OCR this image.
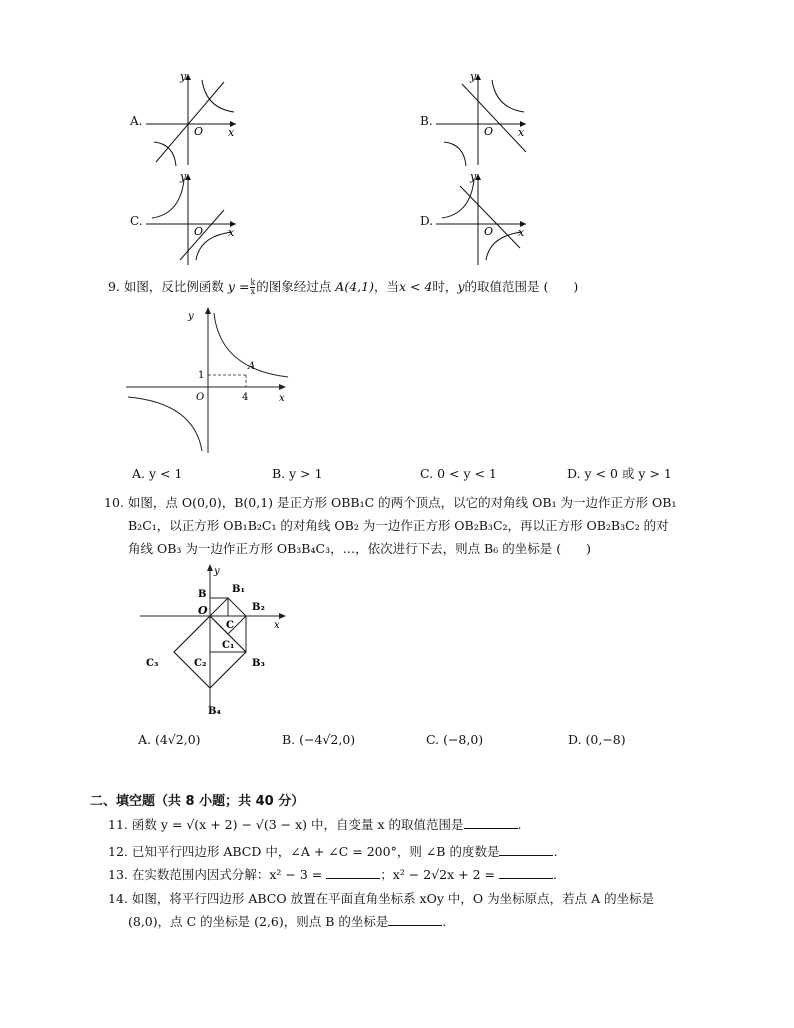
A.
y
x
O
B.
y
x
O
C.
y
x
O
D.
y
x
O
9. 如图，反比例函数 $y = \frac{k}{x}$ 的图象经过点 A(4,1)，当x < 4时，y的取值范围是 (　　)
y
x
O
1
4
A
A. y < 1	B. y > 1	C. 0 < y < 1	D. y < 0 或 y > 1
10. 如图，点 O(0,0)，B(0,1) 是正方形 OBB₁C 的两个顶点，以它的对角线 OB₁ 为一边作正方形 OB₁
B₂C₁，以正方形 OB₁B₂C₁ 的对角线 OB₂ 为一边作正方形 OB₂B₃C₂，再以正方形 OB₂B₃C₂ 的对
角线 OB₃ 为一边作正方形 OB₃B₄C₃，…，依次进行下去，则点 B₆ 的坐标是 (　　)
y
x
B
O
B₁
B₂
C
C₁
C₂
C₃	B₃
B₄
A. (4√2,0)	B. (−4√2,0)	C. (−8,0)	D. (0,−8)
二、填空题（共 8 小题；共 40 分）
11. 函数 y = √(x + 2) − √(3 − x) 中，自变量 x 的取值范围是	.
12. 已知平行四边形 ABCD 中，∠A + ∠C = 200°，则 ∠B 的度数是	.
13. 在实数范围内因式分解：x² − 3 =	；x² − 2√2x + 2 =	.
14. 如图，将平行四边形 ABCO 放置在平面直角坐标系 xOy 中，O 为坐标原点，若点 A 的坐标是
(8,0)，点 C 的坐标是 (2,6)，则点 B 的坐标是	.
